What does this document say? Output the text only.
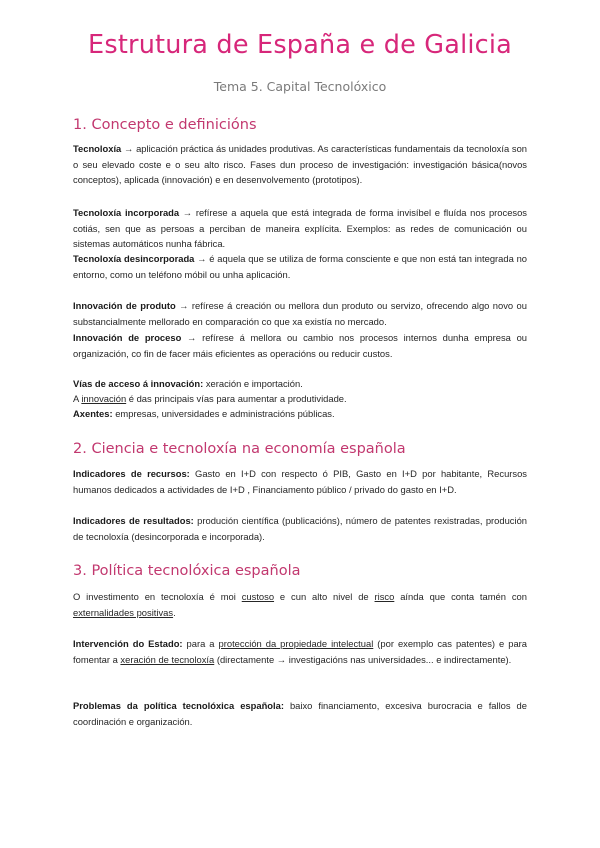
Estrutura de España e de Galicia
Tema 5. Capital Tecnolóxico
1. Concepto e definicións

Tecnoloxía → aplicación práctica ás unidades produtivas. As características fundamentais da tecnoloxía son o seu elevado coste e o seu alto risco. Fases dun proceso de investigación: investigación básica(novos conceptos), aplicada (innovación) e en desenvolvemento (prototipos).

Tecnoloxía incorporada → refírese a aquela que está integrada de forma invisíbel e fluída nos procesos cotiás, sen que as persoas a perciban de maneira explícita. Exemplos: as redes de comunicación ou sistemas automáticos nunha fábrica.

Tecnoloxía desincorporada → é aquela que se utiliza de forma consciente e que non está tan integrada no entorno, como un teléfono móbil ou unha aplicación.

Innovación de produto → refírese á creación ou mellora dun produto ou servizo, ofrecendo algo novo ou substancialmente mellorado en comparación co que xa existía no mercado.

Innovación de proceso → refírese á mellora ou cambio nos procesos internos dunha empresa ou organización, co fin de facer máis eficientes as operacións ou reducir custos.

Vías de acceso á innovación: xeración e importación.

A innovación é das principais vías para aumentar a produtividade.

Axentes: empresas, universidades e administracións públicas.

2. Ciencia e tecnoloxía na economía española

Indicadores de recursos: Gasto en I+D con respecto ó PIB, Gasto en I+D por habitante, Recursos humanos dedicados a actividades de I+D , Financiamento público / privado do gasto en I+D.

Indicadores de resultados: produción científica (publicacións), número de patentes rexistradas, produción de tecnoloxía (desincorporada e incorporada).

3. Política tecnolóxica española

O investimento en tecnoloxía é moi custoso e cun alto nivel de risco aínda que conta tamén con externalidades positivas.

Intervención do Estado: para a protección da propiedade intelectual (por exemplo cas patentes) e para fomentar a xeración de tecnoloxía (directamente → investigacións nas universidades... e indirectamente).

Problemas da política tecnolóxica española: baixo financiamento, excesiva burocracia e fallos de coordinación e organización.
